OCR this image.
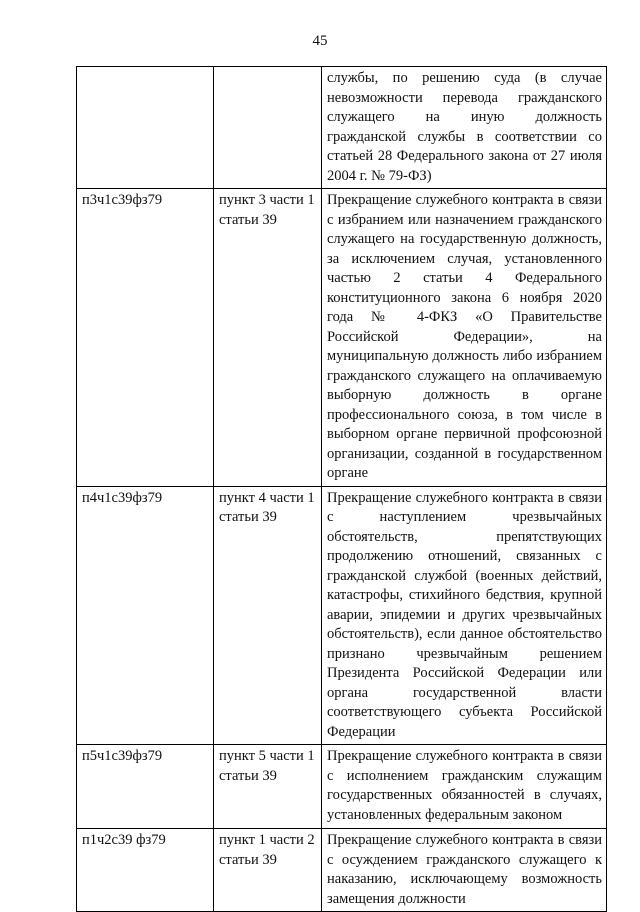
45
		службы, по решению суда (в случае невозможности перевода гражданского служащего на иную должность гражданской службы в соответствии со статьей 28 Федерального закона от 27 июля 2004 г. № 79-ФЗ)
п3ч1с39фз79	пункт 3 части 1 статьи 39	Прекращение служебного контракта в связи с избранием или назначением гражданского служащего на государственную должность, за исключением случая, установленного частью 2 статьи 4 Федерального конституционного закона 6 ноября 2020 года № 4-ФКЗ «О Правительстве Российской Федерации», на муниципальную должность либо избранием гражданского служащего на оплачиваемую выборную должность в органе профессионального союза, в том числе в выборном органе первичной профсоюзной организации, созданной в государственном органе
п4ч1с39фз79	пункт 4 части 1 статьи 39	Прекращение служебного контракта в связи с наступлением чрезвычайных обстоятельств, препятствующих продолжению отношений, связанных с гражданской службой (военных действий, катастрофы, стихийного бедствия, крупной аварии, эпидемии и других чрезвычайных обстоятельств), если данное обстоятельство признано чрезвычайным решением Президента Российской Федерации или органа государственной власти соответствующего субъекта Российской Федерации
п5ч1с39фз79	пункт 5 части 1 статьи 39	Прекращение служебного контракта в связи с исполнением гражданским служащим государственных обязанностей в случаях, установленных федеральным законом
п1ч2с39 фз79	пункт 1 части 2 статьи 39	Прекращение служебного контракта в связи с осуждением гражданского служащего к наказанию, исключающему возможность замещения должности
